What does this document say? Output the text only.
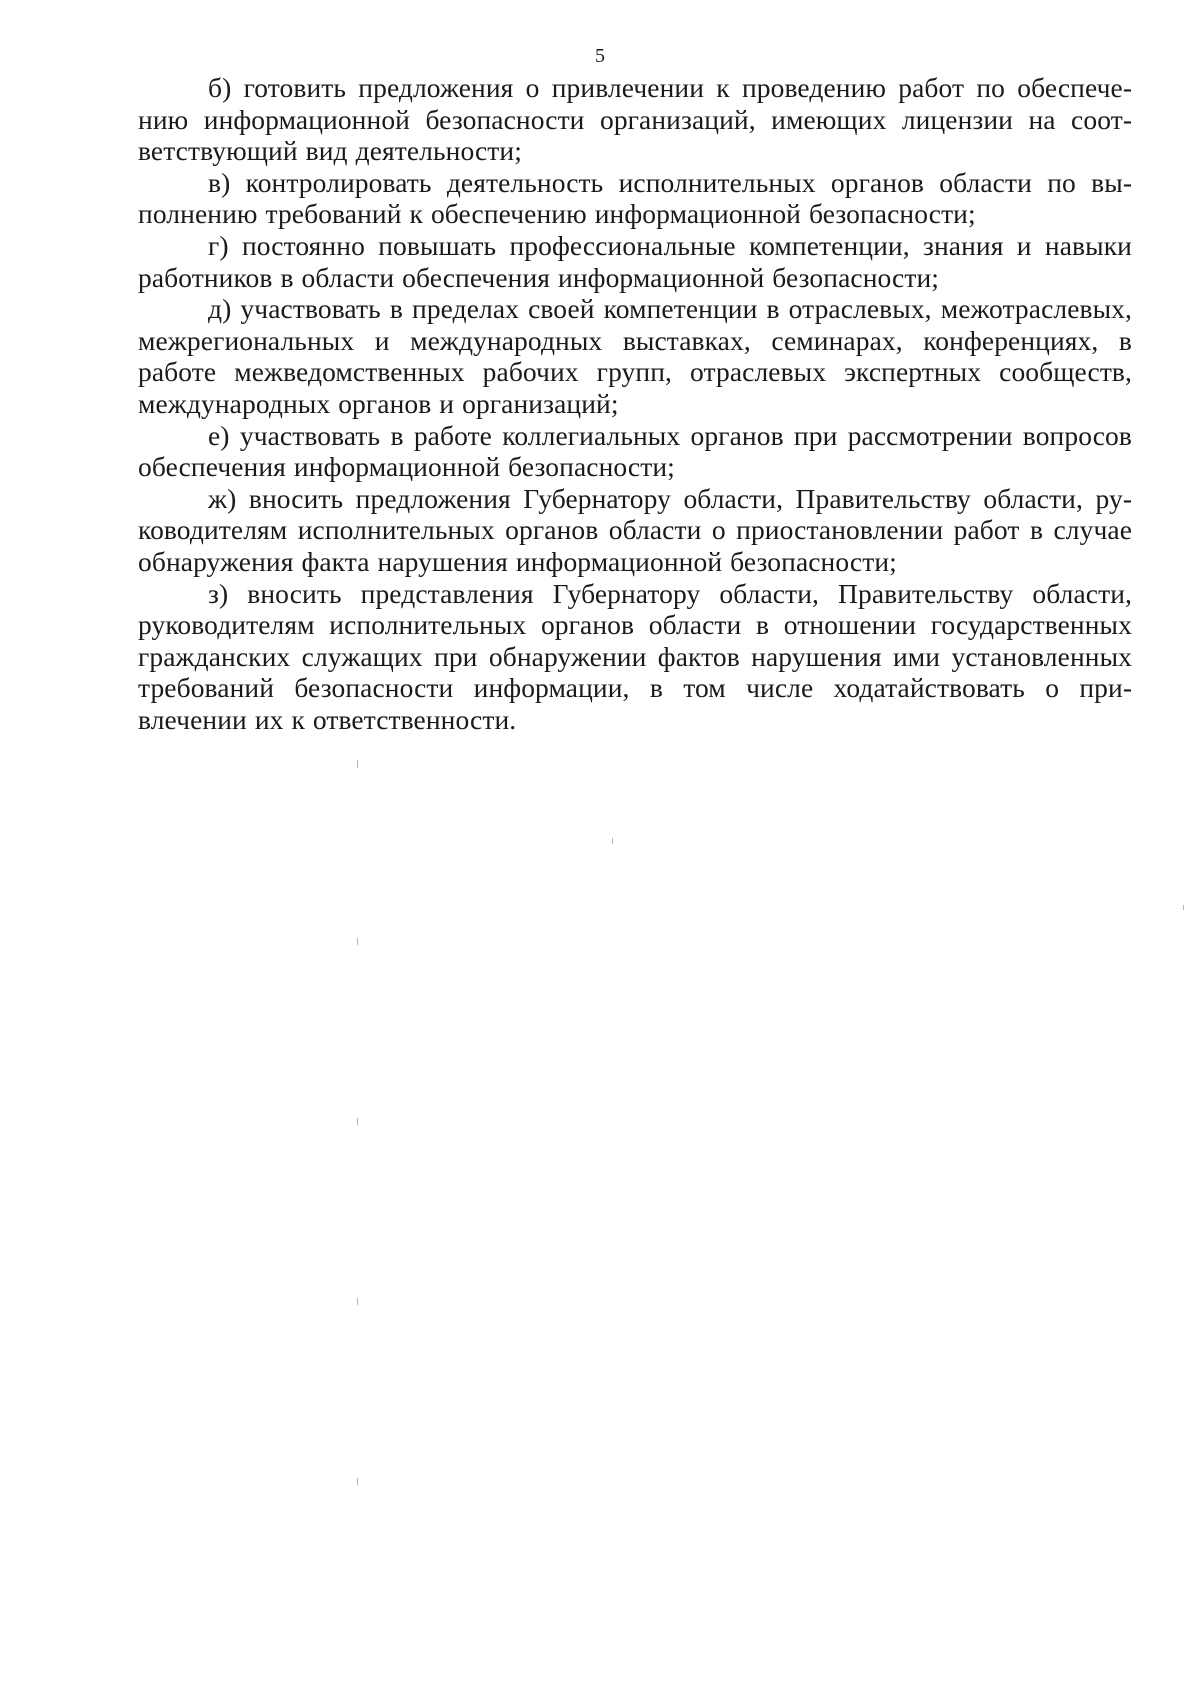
5

б) готовить предложения о привлечении к проведению работ по обеспечению информационной безопасности организаций, имеющих лицензии на соответствующий вид деятельности;

в) контролировать деятельность исполнительных органов области по выполнению требований к обеспечению информационной безопасности;

г) постоянно повышать профессиональные компетенции, знания и навыки работников в области обеспечения информационной безопасности;

д) участвовать в пределах своей компетенции в отраслевых, межотраслевых, межрегиональных и международных выставках, семинарах, конференциях, в работе межведомственных рабочих групп, отраслевых экспертных сообществ, международных органов и организаций;

е) участвовать в работе коллегиальных органов при рассмотрении вопросов обеспечения информационной безопасности;

ж) вносить предложения Губернатору области, Правительству области, руководителям исполнительных органов области о приостановлении работ в случае обнаружения факта нарушения информационной безопасности;

з) вносить представления Губернатору области, Правительству области, руководителям исполнительных органов области в отношении государственных гражданских служащих при обнаружении фактов нарушения ими установленных требований безопасности информации, в том числе ходатайствовать о привлечении их к ответственности.
